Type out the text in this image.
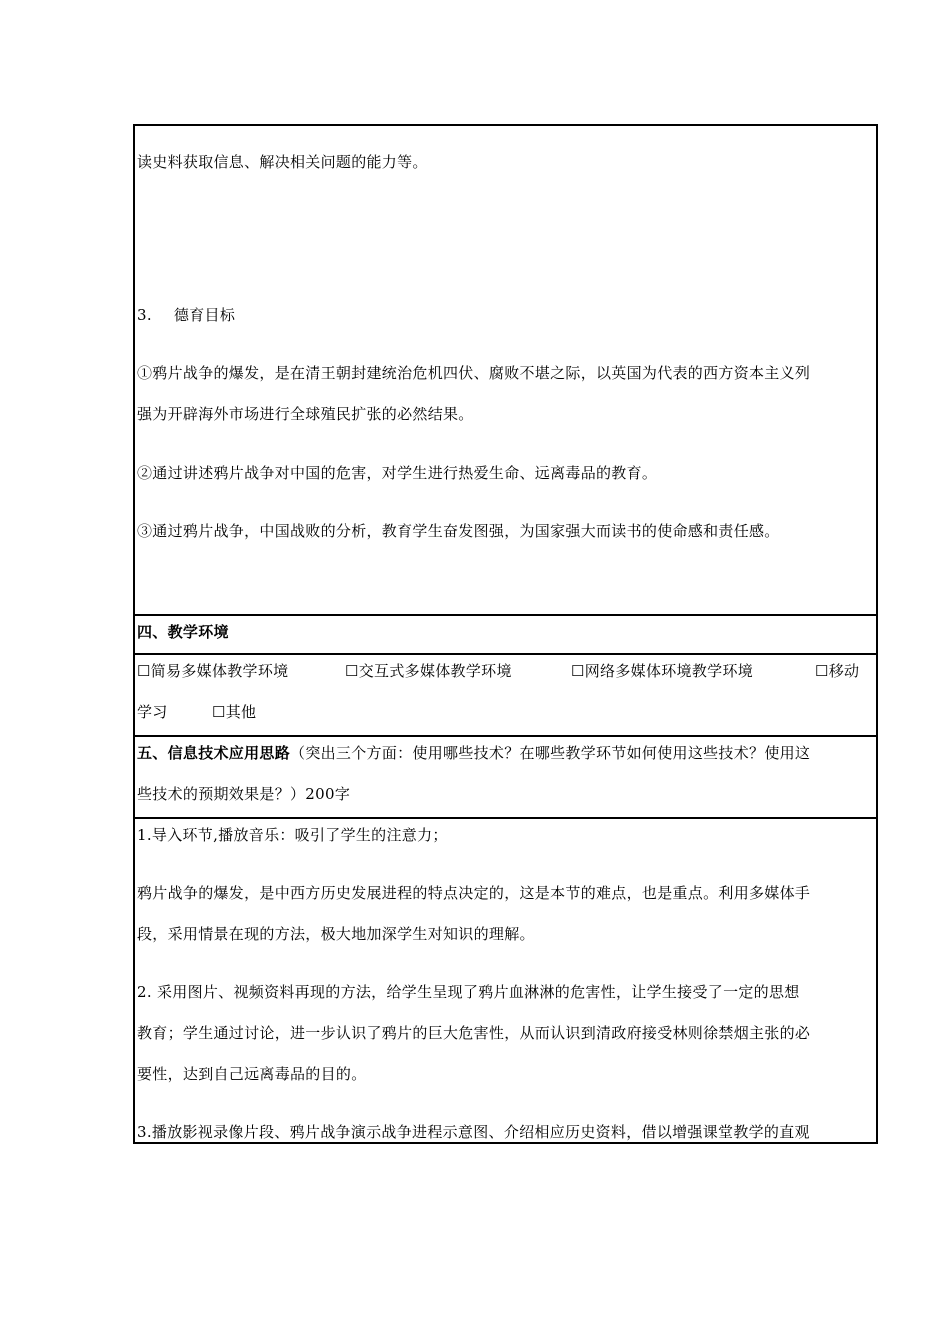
读史料获取信息、解决相关问题的能力等。
3. 德育目标
①鸦片战争的爆发，是在清王朝封建统治危机四伏、腐败不堪之际，以英国为代表的西方资本主义列
强为开辟海外市场进行全球殖民扩张的必然结果。
②通过讲述鸦片战争对中国的危害，对学生进行热爱生命、远离毒品的教育。
③通过鸦片战争，中国战败的分析，教育学生奋发图强，为国家强大而读书的使命感和责任感。
四、教学环境
☐简易多媒体教学环境	☐交互式多媒体教学环境	☐网络多媒体环境教学环境	☐移动
学习	☐其他
五、信息技术应用思路（突出三个方面：使用哪些技术？在哪些教学环节如何使用这些技术？使用这
些技术的预期效果是？）200字
1.导入环节,播放音乐：吸引了学生的注意力；
鸦片战争的爆发，是中西方历史发展进程的特点决定的，这是本节的难点，也是重点。利用多媒体手
段，采用情景在现的方法，极大地加深学生对知识的理解。
2. 采用图片、视频资料再现的方法，给学生呈现了鸦片血淋淋的危害性，让学生接受了一定的思想
教育；学生通过讨论，进一步认识了鸦片的巨大危害性，从而认识到清政府接受林则徐禁烟主张的必
要性，达到自己远离毒品的目的。
3.播放影视录像片段、鸦片战争演示战争进程示意图、介绍相应历史资料，借以增强课堂教学的直观
